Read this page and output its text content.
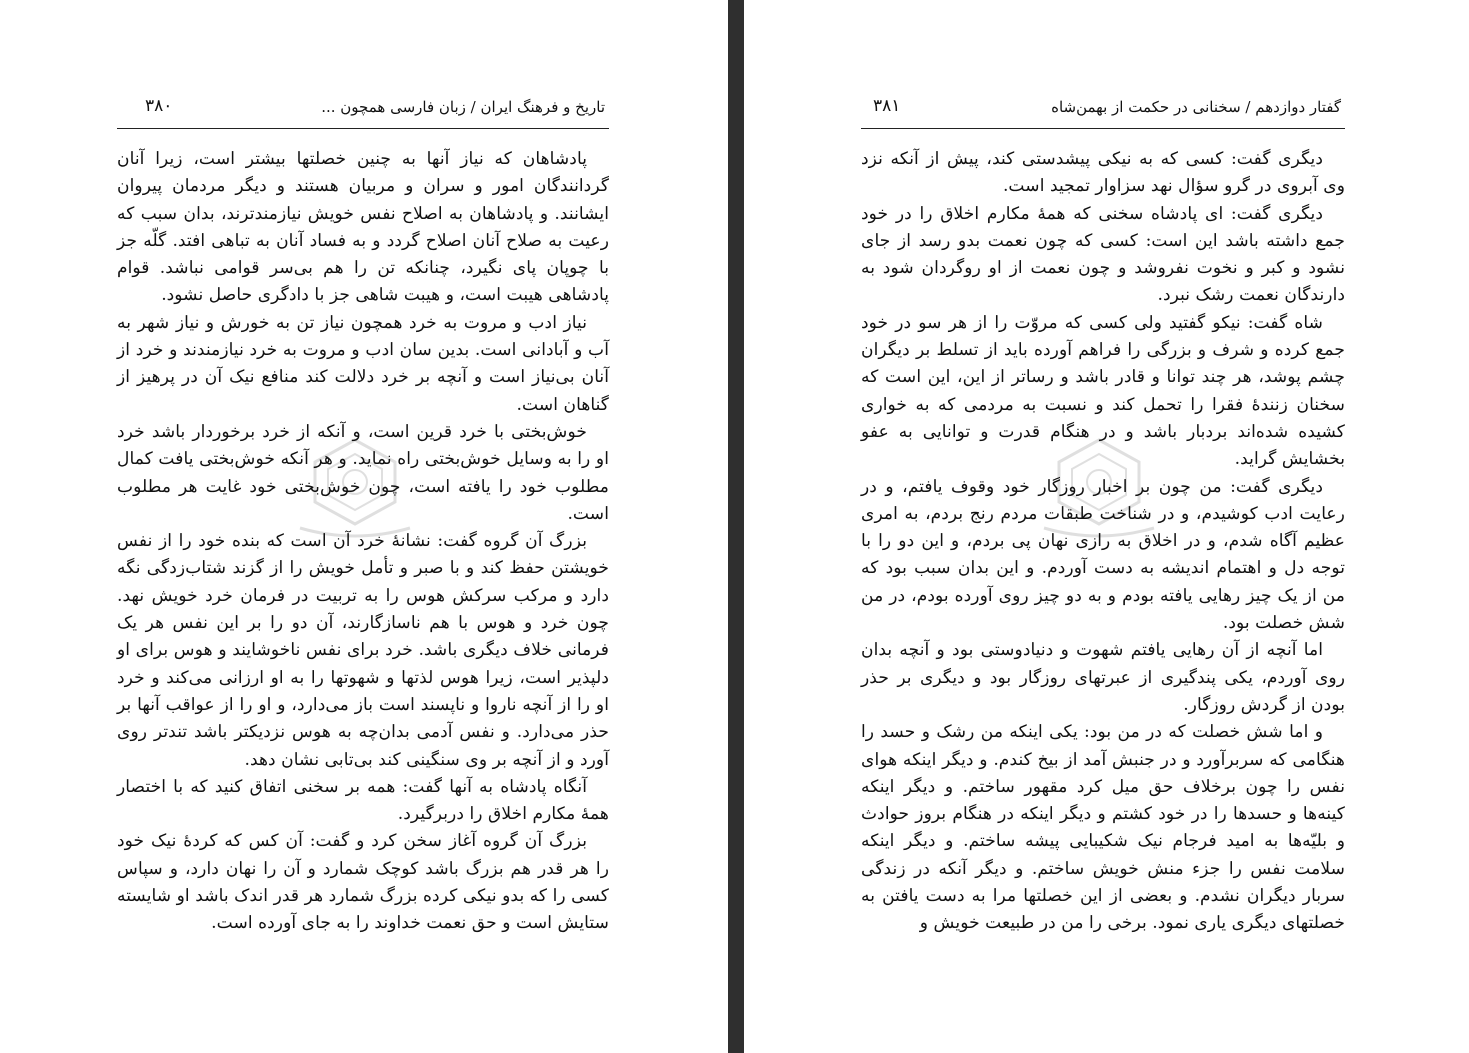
تاریخ و فرهنگ ایران / زبان فارسی همچون ...
۳۸۰

پادشاهان که نیاز آنها به چنین خصلتها بیشتر است، زیرا آنان گردانندگان امور و سران و مربیان هستند و دیگر مردمان پیروان ایشانند. و پادشاهان به اصلاح نفس خویش نیازمندترند، بدان سبب که رعیت به صلاح آنان اصلاح گردد و به فساد آنان به تباهی افتد. گلّه جز با چوپان پای نگیرد، چنانکه تن را هم بی‌سر قوامی نباشد. قوام پادشاهی هیبت است، و هیبت شاهی جز با دادگری حاصل نشود.

نیاز ادب و مروت به خرد همچون نیاز تن به خورش و نیاز شهر به آب و آبادانی است. بدین سان ادب و مروت به خرد نیازمندند و خرد از آنان بی‌نیاز است و آنچه بر خرد دلالت کند منافع نیک آن در پرهیز از گناهان است.

خوش‌بختی با خرد قرین است، و آنکه از خرد برخوردار باشد خرد او را به وسایل خوش‌بختی راه نماید. و هر آنکه خوش‌بختی یافت کمال مطلوب خود را یافته است، چون خوش‌بختی خود غایت هر مطلوب است.

بزرگ آن گروه گفت: نشانهٔ خرد آن است که بنده خود را از نفس خویشتن حفظ کند و با صبر و تأمل خویش را از گزند شتاب‌زدگی نگه دارد و مرکب سرکش هوس را به تربیت در فرمان خرد خویش نهد. چون خرد و هوس با هم ناسازگارند، آن دو را بر این نفس هر یک فرمانی خلاف دیگری باشد. خرد برای نفس ناخوشایند و هوس برای او دلپذیر است، زیرا هوس لذتها و شهوتها را به او ارزانی می‌کند و خرد او را از آنچه ناروا و ناپسند است باز می‌دارد، و او را از عواقب آنها بر حذر می‌دارد. و نفس آدمی بدان‌چه به هوس نزدیکتر باشد تندتر روی آورد و از آنچه بر وی سنگینی کند بی‌تابی نشان دهد.

آنگاه پادشاه به آنها گفت: همه بر سخنی اتفاق کنید که با اختصار همهٔ مکارم اخلاق را دربرگیرد.

بزرگ آن گروه آغاز سخن کرد و گفت: آن کس که کردهٔ نیک خود را هر قدر هم بزرگ باشد کوچک شمارد و آن را نهان دارد، و سپاس کسی را که بدو نیکی کرده بزرگ شمارد هر قدر اندک باشد او شایسته ستایش است و حق نعمت خداوند را به جای آورده است.

گفتار دوازدهم / سخنانی در حکمت از بهمن‌شاه
۳۸۱

دیگری گفت: کسی که به نیکی پیشدستی کند، پیش از آنکه نزد وی آبروی در گرو سؤال نهد سزاوار تمجید است.

دیگری گفت: ای پادشاه سخنی که همهٔ مکارم اخلاق را در خود جمع داشته باشد این است: کسی که چون نعمت بدو رسد از جای نشود و کبر و نخوت نفروشد و چون نعمت از او روگردان شود به دارندگان نعمت رشک نبرد.

شاه گفت: نیکو گفتید ولی کسی که مروّت را از هر سو در خود جمع کرده و شرف و بزرگی را فراهم آورده باید از تسلط بر دیگران چشم پوشد، هر چند توانا و قادر باشد و رساتر از این، این است که سخنان زنندهٔ فقرا را تحمل کند و نسبت به مردمی که به خواری کشیده شده‌اند بردبار باشد و در هنگام قدرت و توانایی به عفو بخشایش گراید.

دیگری گفت: من چون بر اخبار روزگار خود وقوف یافتم، و در رعایت ادب کوشیدم، و در شناخت طبقات مردم رنج بردم، به امری عظیم آگاه شدم، و در اخلاق به رازی نهان پی بردم، و این دو را با توجه دل و اهتمام اندیشه به دست آوردم. و این بدان سبب بود که من از یک چیز رهایی یافته بودم و به دو چیز روی آورده بودم، در من شش خصلت بود.

اما آنچه از آن رهایی یافتم شهوت و دنیادوستی بود و آنچه بدان روی آوردم، یکی پندگیری از عبرتهای روزگار بود و دیگری بر حذر بودن از گردش روزگار.

و اما شش خصلت که در من بود: یکی اینکه من رشک و حسد را هنگامی که سربرآورد و در جنبش آمد از بیخ کندم. و دیگر اینکه هوای نفس را چون برخلاف حق میل کرد مقهور ساختم. و دیگر اینکه کینه‌ها و حسدها را در خود کشتم و دیگر اینکه در هنگام بروز حوادث و بلیّه‌ها به امید فرجام نیک شکیبایی پیشه ساختم. و دیگر اینکه سلامت نفس را جزء منش خویش ساختم. و دیگر آنکه در زندگی سربار دیگران نشدم. و بعضی از این خصلتها مرا به دست یافتن به خصلتهای دیگری یاری نمود. برخی را من در طبیعت خویش و
